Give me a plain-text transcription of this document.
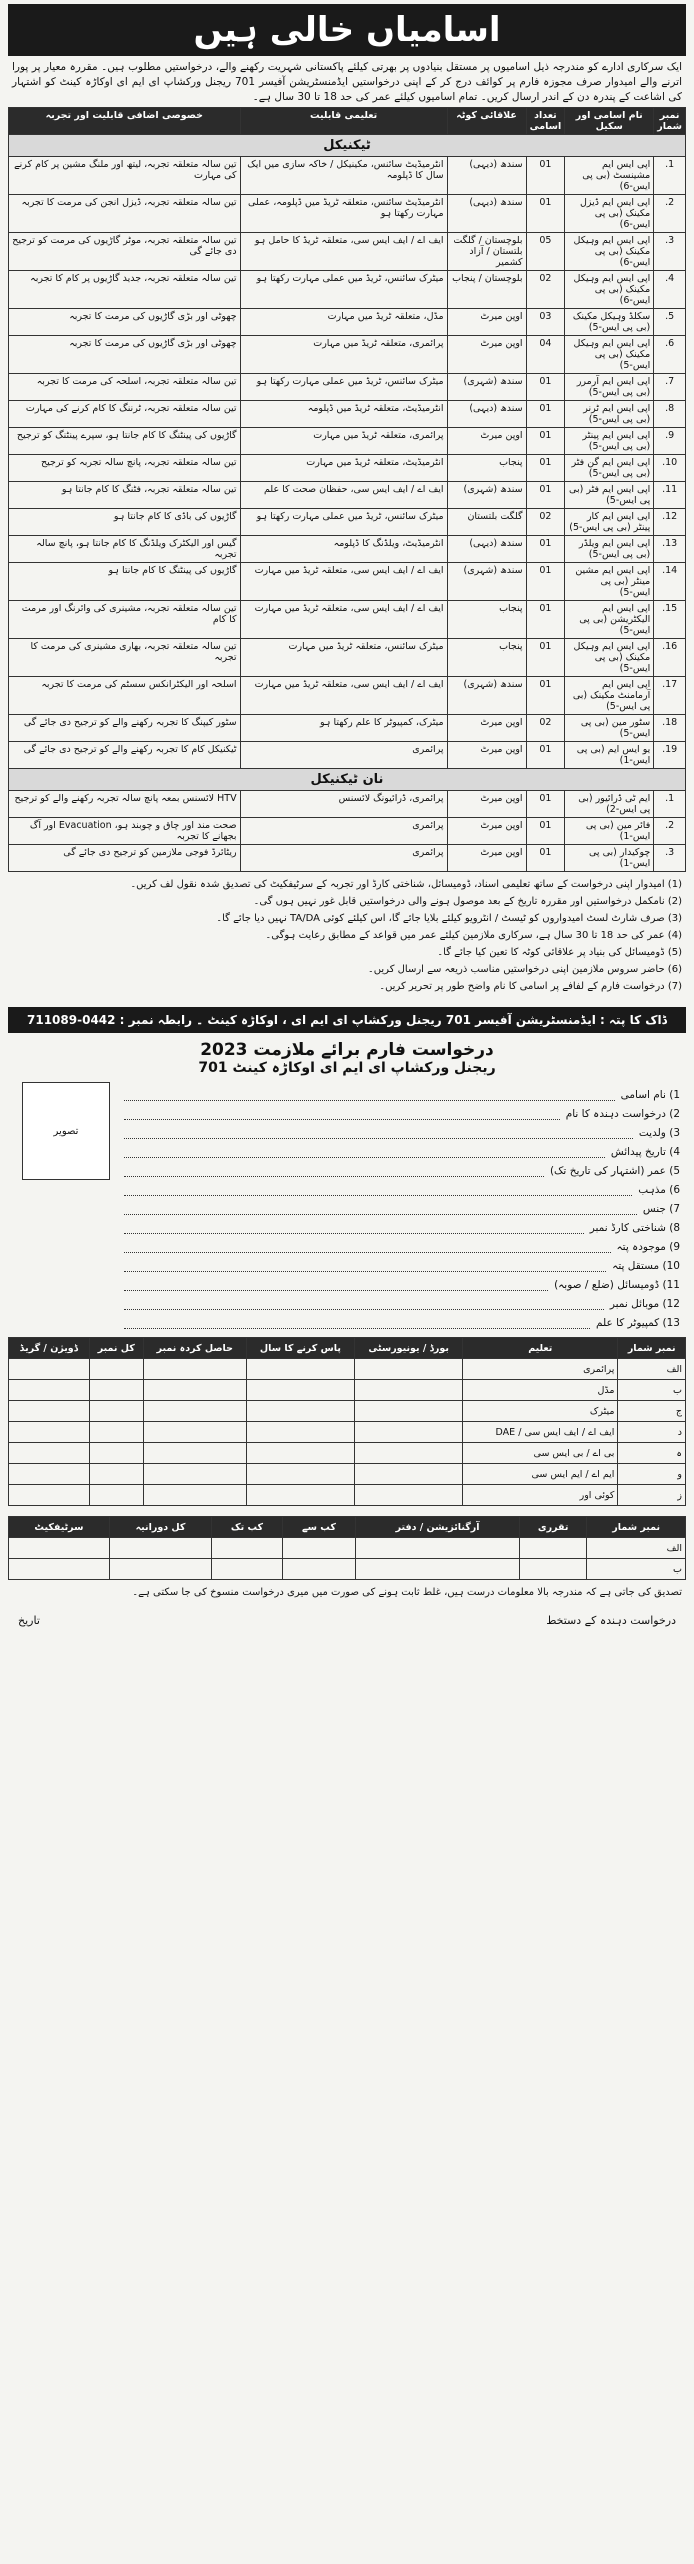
اسامیاں خالی ہیں
ایک سرکاری ادارے کو مندرجہ ذیل اسامیوں پر مستقل بنیادوں پر بھرتی کیلئے پاکستانی شہریت رکھنے والے، درخواستیں مطلوب ہیں۔ مقررہ معیار پر پورا اترنے والے امیدوار صرف مجوزہ فارم پر کوائف درج کر کے اپنی درخواستیں ایڈمنسٹریشن آفیسر 701 ریجنل ورکشاپ ای ایم ای اوکاڑہ کینٹ کو اشتہار کی اشاعت کے پندرہ دن کے اندر ارسال کریں۔ تمام اسامیوں کیلئے عمر کی حد 18 تا 30 سال ہے۔
نمبر شمار	نام اسامی اور سکیل	تعداد اسامی	علاقائی کوٹہ	تعلیمی قابلیت	خصوصی اضافی قابلیت اور تجربہ
ٹیکنیکل					
1.	اپی ایس ایم مشینسٹ (بی پی ایس-6)	01	سندھ (دیہی)	انٹرمیڈیٹ سائنس، مکینیکل / خاکہ سازی میں ایک سال کا ڈپلومہ	تین سالہ متعلقہ تجربہ، لیتھ اور ملنگ مشین پر کام کرنے کی مہارت
2.	اپی ایس ایم ڈیزل مکینک (بی پی ایس-6)	01	سندھ (دیہی)	انٹرمیڈیٹ سائنس، متعلقہ ٹریڈ میں ڈپلومہ، عملی مہارت رکھتا ہو	تین سالہ متعلقہ تجربہ، ڈیزل انجن کی مرمت کا تجربہ
3.	اپی ایس ایم وہیکل مکینک (بی پی ایس-6)	05	بلوچستان / گلگت بلتستان / آزاد کشمیر	ایف اے / ایف ایس سی، متعلقہ ٹریڈ کا حامل ہو	تین سالہ متعلقہ تجربہ، موٹر گاڑیوں کی مرمت کو ترجیح دی جائے گی
4.	اپی ایس ایم وہیکل مکینک (بی پی ایس-6)	02	بلوچستان / پنجاب	میٹرک سائنس، ٹریڈ میں عملی مہارت رکھتا ہو	تین سالہ متعلقہ تجربہ، جدید گاڑیوں پر کام کا تجربہ
5.	سکلڈ وہیکل مکینک (بی پی ایس-5)	03	اوپن میرٹ	مڈل، متعلقہ ٹریڈ میں مہارت	چھوٹی اور بڑی گاڑیوں کی مرمت کا تجربہ
6.	اپی ایس ایم وہیکل مکینک (بی پی ایس-5)	04	اوپن میرٹ	پرائمری، متعلقہ ٹریڈ میں مہارت	چھوٹی اور بڑی گاڑیوں کی مرمت کا تجربہ
7.	اپی ایس ایم آرمرر (بی پی ایس-5)	01	سندھ (شہری)	میٹرک سائنس، ٹریڈ میں عملی مہارت رکھتا ہو	تین سالہ متعلقہ تجربہ، اسلحہ کی مرمت کا تجربہ
8.	اپی ایس ایم ٹرنر (بی پی ایس-5)	01	سندھ (دیہی)	انٹرمیڈیٹ، متعلقہ ٹریڈ میں ڈپلومہ	تین سالہ متعلقہ تجربہ، ٹرننگ کا کام کرنے کی مہارت
9.	اپی ایس ایم پینٹر (بی پی ایس-5)	01	اوپن میرٹ	پرائمری، متعلقہ ٹریڈ میں مہارت	گاڑیوں کی پینٹنگ کا کام جانتا ہو، سپرے پینٹنگ کو ترجیح
10.	اپی ایس ایم گن فٹر (بی پی ایس-5)	01	پنجاب	انٹرمیڈیٹ، متعلقہ ٹریڈ میں مہارت	تین سالہ متعلقہ تجربہ، پانچ سالہ تجربہ کو ترجیح
11.	اپی ایس ایم فٹر (بی پی ایس-5)	01	سندھ (شہری)	ایف اے / ایف ایس سی، حفظان صحت کا علم	تین سالہ متعلقہ تجربہ، فٹنگ کا کام جانتا ہو
12.	اپی ایس ایم کار پینٹر (بی پی ایس-5)	02	گلگت بلتستان	میٹرک سائنس، ٹریڈ میں عملی مہارت رکھتا ہو	گاڑیوں کی باڈی کا کام جانتا ہو
13.	اپی ایس ایم ویلڈر (بی پی ایس-5)	01	سندھ (دیہی)	انٹرمیڈیٹ، ویلڈنگ کا ڈپلومہ	گیس اور الیکٹرک ویلڈنگ کا کام جانتا ہو، پانچ سالہ تجربہ
14.	اپی ایس ایم مشین مینٹر (بی پی ایس-5)	01	سندھ (شہری)	ایف اے / ایف ایس سی، متعلقہ ٹریڈ میں مہارت	گاڑیوں کی پینٹنگ کا کام جانتا ہو
15.	اپی ایس ایم الیکٹریشن (بی پی ایس-5)	01	پنجاب	ایف اے / ایف ایس سی، متعلقہ ٹریڈ میں مہارت	تین سالہ متعلقہ تجربہ، مشینری کی وائرنگ اور مرمت کا کام
16.	اپی ایس ایم وہیکل مکینک (بی پی ایس-5)	01	پنجاب	میٹرک سائنس، متعلقہ ٹریڈ میں مہارت	تین سالہ متعلقہ تجربہ، بھاری مشینری کی مرمت کا تجربہ
17.	اپی ایس ایم آرمامنٹ مکینک (بی پی ایس-5)	01	سندھ (شہری)	ایف اے / ایف ایس سی، متعلقہ ٹریڈ میں مہارت	اسلحہ اور الیکٹرانکس سسٹم کی مرمت کا تجربہ
18.	سٹور مین (بی پی ایس-5)	02	اوپن میرٹ	میٹرک، کمپیوٹر کا علم رکھتا ہو	سٹور کیپنگ کا تجربہ رکھنے والے کو ترجیح دی جائے گی
19.	یو ایس ایم (بی پی ایس-1)	01	اوپن میرٹ	پرائمری	ٹیکنیکل کام کا تجربہ رکھنے والے کو ترجیح دی جائے گی
نان ٹیکنیکل					
1.	ایم ٹی ڈرائیور (بی پی ایس-2)	01	اوپن میرٹ	پرائمری، ڈرائیونگ لائسنس	HTV لائسنس بمعہ پانچ سالہ تجربہ رکھنے والے کو ترجیح
2.	فائر مین (بی پی ایس-1)	01	اوپن میرٹ	پرائمری	صحت مند اور چاق و چوبند ہو، Evacuation اور آگ بجھانے کا تجربہ
3.	چوکیدار (بی پی ایس-1)	01	اوپن میرٹ	پرائمری	ریٹائرڈ فوجی ملازمین کو ترجیح دی جائے گی

(1) امیدوار اپنی درخواست کے ساتھ تعلیمی اسناد، ڈومیسائل، شناختی کارڈ اور تجربہ کے سرٹیفکیٹ کی تصدیق شدہ نقول لف کریں۔

(2) نامکمل درخواستیں اور مقررہ تاریخ کے بعد موصول ہونے والی درخواستیں قابل غور نہیں ہوں گی۔

(3) صرف شارٹ لسٹ امیدواروں کو ٹیسٹ / انٹرویو کیلئے بلایا جائے گا، اس کیلئے کوئی TA/DA نہیں دیا جائے گا۔

(4) عمر کی حد 18 تا 30 سال ہے، سرکاری ملازمین کیلئے عمر میں قواعد کے مطابق رعایت ہوگی۔

(5) ڈومیسائل کی بنیاد پر علاقائی کوٹہ کا تعین کیا جائے گا۔

(6) حاضر سروس ملازمین اپنی درخواستیں مناسب ذریعہ سے ارسال کریں۔

(7) درخواست فارم کے لفافے پر اسامی کا نام واضح طور پر تحریر کریں۔

ڈاک کا پتہ : ایڈمنسٹریشن آفیسر 701 ریجنل ورکشاپ ای ایم ای ، اوکاڑہ کینٹ ۔ رابطہ نمبر : 0442-711089
درخواست فارم برائے ملازمت 2023
701 ریجنل ورکشاپ ای ایم ای اوکاڑہ کینٹ
تصویر
1) نام اسامی
2) درخواست دہندہ کا نام
3) ولدیت
4) تاریخ پیدائش
5) عمر (اشتہار کی تاریخ تک)
6) مذہب
7) جنس
8) شناختی کارڈ نمبر
9) موجودہ پتہ
10) مستقل پتہ
11) ڈومیسائل (ضلع / صوبہ)
12) موبائل نمبر
13) کمپیوٹر کا علم
نمبر شمار	تعلیم	بورڈ / یونیورسٹی	پاس کرنے کا سال	حاصل کردہ نمبر	کل نمبر	ڈویژن / گریڈ
الف	پرائمری					
ب	مڈل					
ج	میٹرک					
د	ایف اے / ایف ایس سی / DAE					
ہ	بی اے / بی ایس سی					
و	ایم اے / ایم ایس سی					
ز	کوئی اور					
نمبر شمار	تقرری	آرگنائزیشن / دفتر	کب سے	کب تک	کل دورانیہ	سرٹیفکیٹ
الف						
ب						
تصدیق کی جاتی ہے کہ مندرجہ بالا معلومات درست ہیں، غلط ثابت ہونے کی صورت میں میری درخواست منسوخ کی جا سکتی ہے۔
درخواست دہندہ کے دستخط
تاریخ
